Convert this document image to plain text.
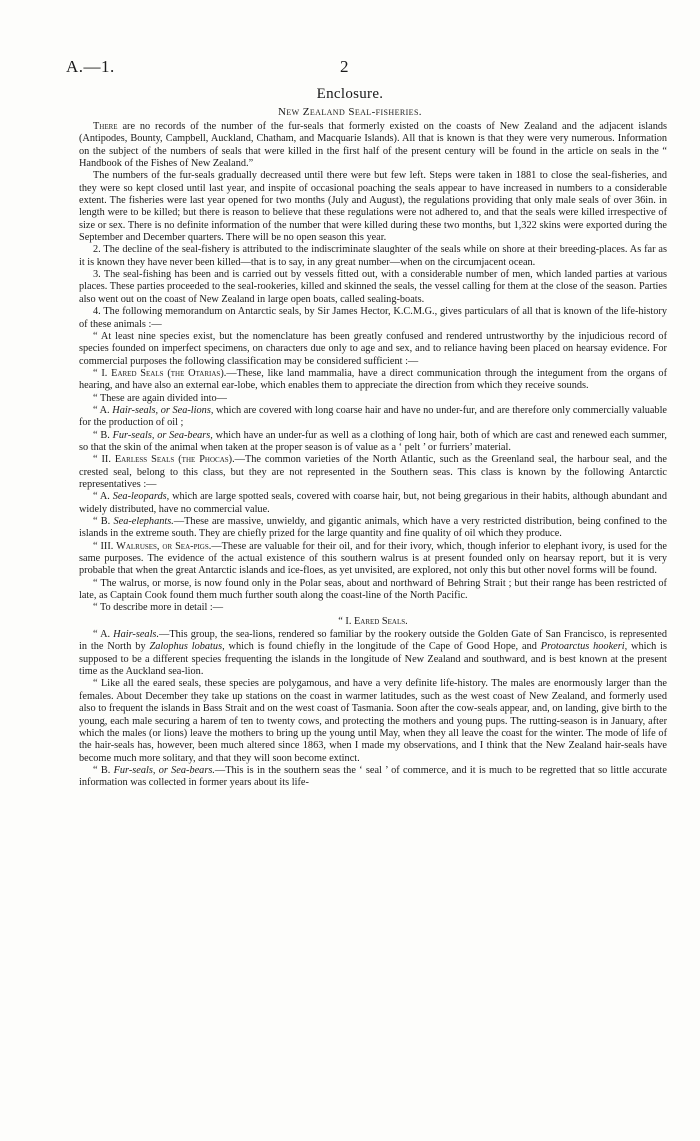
A.—1.	2
Enclosure.
New Zealand Seal-fisheries.

There are no records of the number of the fur-seals that formerly existed on the coasts of New Zealand and the adjacent islands (Antipodes, Bounty, Campbell, Auckland, Chatham, and Macquarie Islands). All that is known is that they were very numerous. Information on the subject of the numbers of seals that were killed in the first half of the present century will be found in the article on seals in the “ Handbook of the Fishes of New Zealand.”

The numbers of the fur-seals gradually decreased until there were but few left. Steps were taken in 1881 to close the seal-fisheries, and they were so kept closed until last year, and inspite of occasional poaching the seals appear to have increased in numbers to a considerable extent. The fisheries were last year opened for two months (July and August), the regulations providing that only male seals of over 36in. in length were to be killed; but there is reason to believe that these regulations were not adhered to, and that the seals were killed irrespective of size or sex. There is no definite information of the number that were killed during these two months, but 1,322 skins were exported during the September and December quarters. There will be no open season this year.

2. The decline of the seal-fishery is attributed to the indiscriminate slaughter of the seals while on shore at their breeding-places. As far as it is known they have never been killed—that is to say, in any great number—when on the circumjacent ocean.

3. The seal-fishing has been and is carried out by vessels fitted out, with a considerable number of men, which landed parties at various places. These parties proceeded to the seal-rookeries, killed and skinned the seals, the vessel calling for them at the close of the season. Parties also went out on the coast of New Zealand in large open boats, called sealing-boats.

4. The following memorandum on Antarctic seals, by Sir James Hector, K.C.M.G., gives particulars of all that is known of the life-history of these animals :—

“ At least nine species exist, but the nomenclature has been greatly confused and rendered untrustworthy by the injudicious record of species founded on imperfect specimens, on characters due only to age and sex, and to reliance having been placed on hearsay evidence. For commercial purposes the following classification may be considered sufficient :—

“ I. Eared Seals (the Otarias).—These, like land mammalia, have a direct communication through the integument from the organs of hearing, and have also an external ear-lobe, which enables them to appreciate the direction from which they receive sounds.

“ These are again divided into—

“ A. Hair-seals, or Sea-lions, which are covered with long coarse hair and have no under-fur, and are therefore only commercially valuable for the production of oil ;

“ B. Fur-seals, or Sea-bears, which have an under-fur as well as a clothing of long hair, both of which are cast and renewed each summer, so that the skin of the animal when taken at the proper season is of value as a ‘ pelt ’ or furriers’ material.

“ II. Earless Seals (the Phocas).—The common varieties of the North Atlantic, such as the Greenland seal, the harbour seal, and the crested seal, belong to this class, but they are not represented in the Southern seas. This class is known by the following Antarctic representatives :—

“ A. Sea-leopards, which are large spotted seals, covered with coarse hair, but, not being gregarious in their habits, although abundant and widely distributed, have no commercial value.

“ B. Sea-elephants.—These are massive, unwieldy, and gigantic animals, which have a very restricted distribution, being confined to the islands in the extreme south. They are chiefly prized for the large quantity and fine quality of oil which they produce.

“ III. Walruses, or Sea-pigs.—These are valuable for their oil, and for their ivory, which, though inferior to elephant ivory, is used for the same purposes. The evidence of the actual existence of this southern walrus is at present founded only on hearsay report, but it is very probable that when the great Antarctic islands and ice-floes, as yet unvisited, are explored, not only this but other novel forms will be found.

“ The walrus, or morse, is now found only in the Polar seas, about and northward of Behring Strait ; but their range has been restricted of late, as Captain Cook found them much further south along the coast-line of the North Pacific.

“ To describe more in detail :—

“ I. Eared Seals.

“ A. Hair-seals.—This group, the sea-lions, rendered so familiar by the rookery outside the Golden Gate of San Francisco, is represented in the North by Zalophus lobatus, which is found chiefly in the longitude of the Cape of Good Hope, and Protoarctus hookeri, which is supposed to be a different species frequenting the islands in the longitude of New Zealand and southward, and is best known at the present time as the Auckland sea-lion.

“ Like all the eared seals, these species are polygamous, and have a very definite life-history. The males are enormously larger than the females. About December they take up stations on the coast in warmer latitudes, such as the west coast of New Zealand, and formerly used also to frequent the islands in Bass Strait and on the west coast of Tasmania. Soon after the cow-seals appear, and, on landing, give birth to the young, each male securing a harem of ten to twenty cows, and protecting the mothers and young pups. The rutting-season is in January, after which the males (or lions) leave the mothers to bring up the young until May, when they all leave the coast for the winter. The mode of life of the hair-seals has, however, been much altered since 1863, when I made my observations, and I think that the New Zealand hair-seals have become much more solitary, and that they will soon become extinct.

“ B. Fur-seals, or Sea-bears.—This is in the southern seas the ‘ seal ’ of commerce, and it is much to be regretted that so little accurate information was collected in former years about its life-
